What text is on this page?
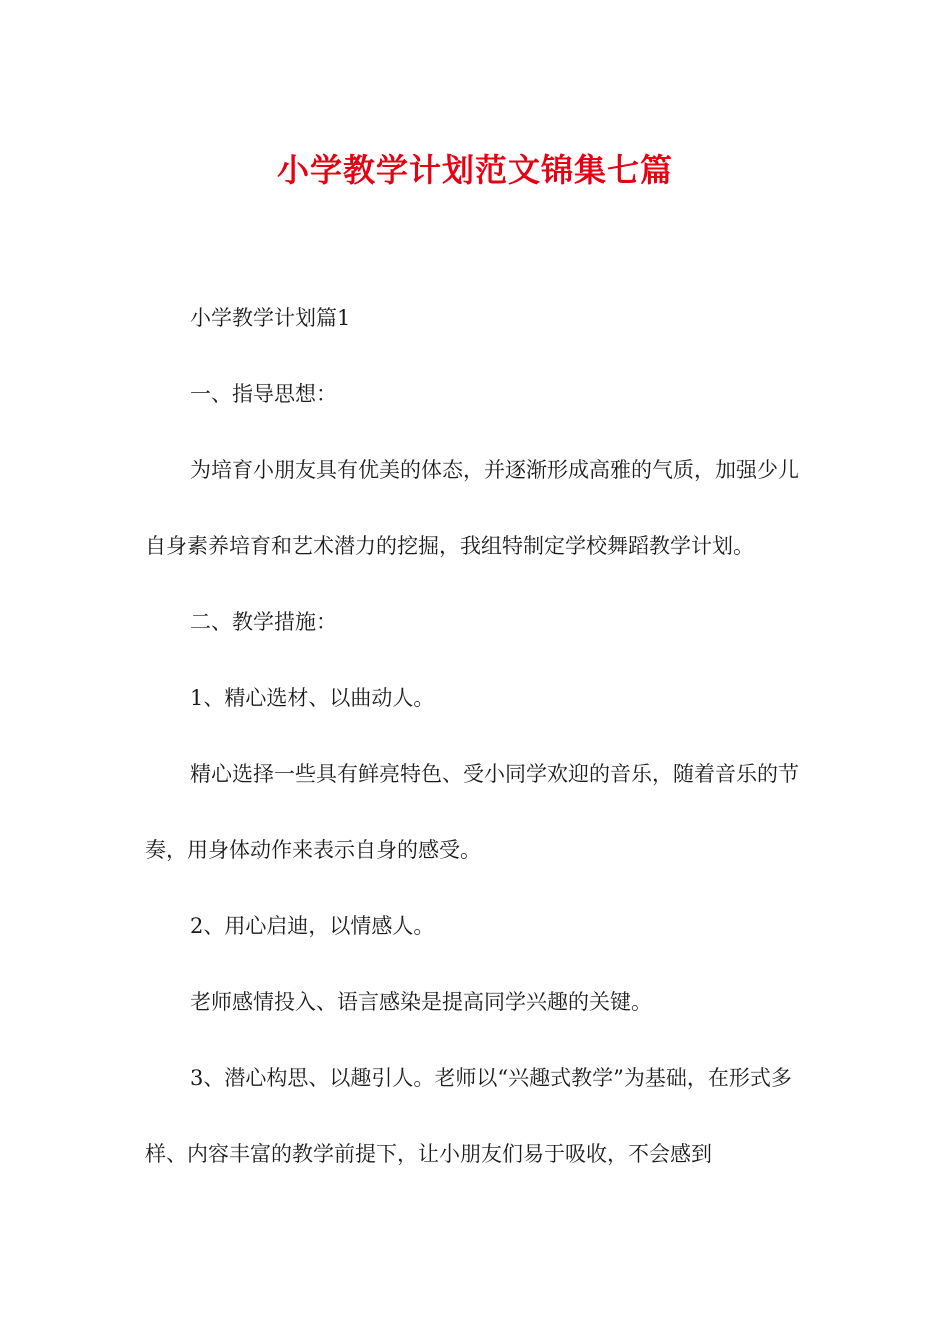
小学教学计划范文锦集七篇

小学教学计划篇1

一、指导思想：

为培育小朋友具有优美的体态，并逐渐形成高雅的气质，加强少儿自身素养培育和艺术潜力的挖掘，我组特制定学校舞蹈教学计划。

二、教学措施：

1、精心选材、以曲动人。

精心选择一些具有鲜亮特色、受小同学欢迎的音乐，随着音乐的节奏，用身体动作来表示自身的感受。

2、用心启迪，以情感人。

老师感情投入、语言感染是提高同学兴趣的关键。

3、潜心构思、以趣引人。老师以“兴趣式教学”为基础，在形式多样、内容丰富的教学前提下，让小朋友们易于吸收，不会感到
